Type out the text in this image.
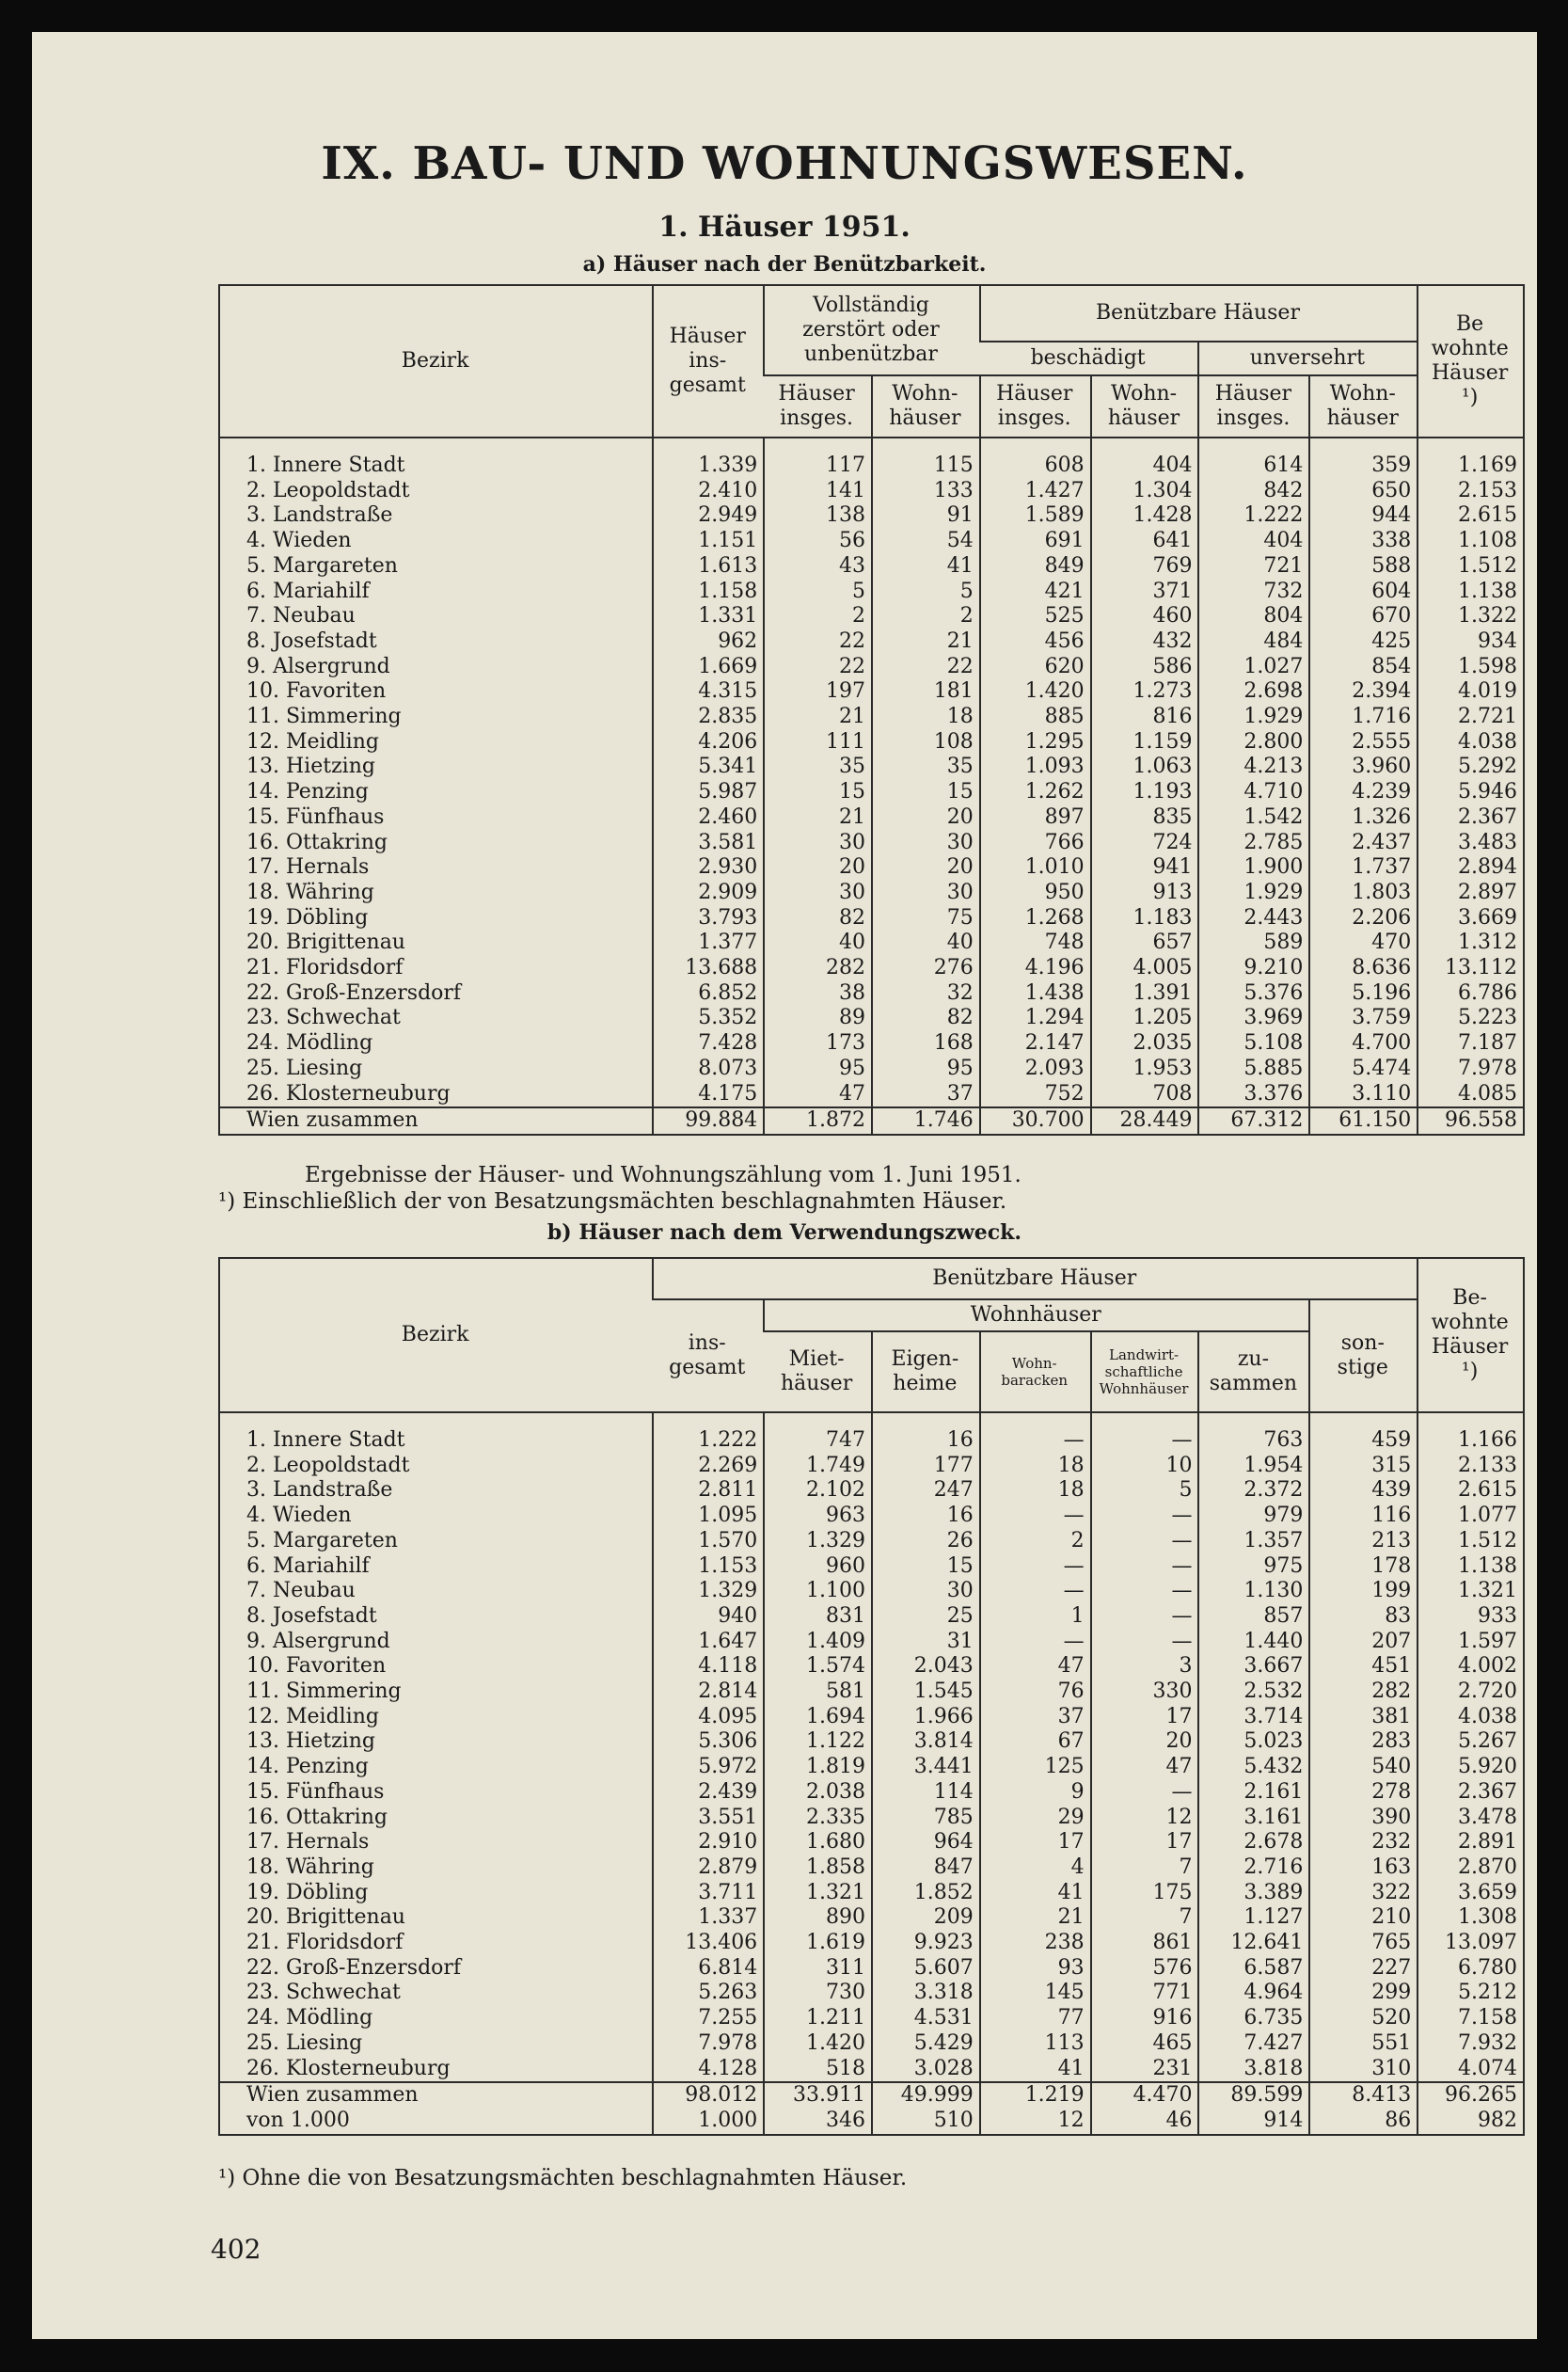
IX. BAU- UND WOHNUNGSWESEN.
1. Häuser 1951.
a) Häuser nach der Benützbarkeit.
Bezirk	Häuser ins- gesamt	Vollständig zerstört oder unbenützbar		Benützbare Häuser				Be wohnte Häuser ¹)
				beschädigt		unversehrt		
		Häuser insges.	Wohn- häuser	Häuser insges.	Wohn- häuser	Häuser insges.	Wohn- häuser	

1. Innere Stadt	1.339	117	115	608	404	614	359	1.169
2. Leopoldstadt	2.410	141	133	1.427	1.304	842	650	2.153
3. Landstraße	2.949	138	91	1.589	1.428	1.222	944	2.615
4. Wieden	1.151	56	54	691	641	404	338	1.108
5. Margareten	1.613	43	41	849	769	721	588	1.512
6. Mariahilf	1.158	5	5	421	371	732	604	1.138
7. Neubau	1.331	2	2	525	460	804	670	1.322
8. Josefstadt	962	22	21	456	432	484	425	934
9. Alsergrund	1.669	22	22	620	586	1.027	854	1.598
10. Favoriten	4.315	197	181	1.420	1.273	2.698	2.394	4.019
11. Simmering	2.835	21	18	885	816	1.929	1.716	2.721
12. Meidling	4.206	111	108	1.295	1.159	2.800	2.555	4.038
13. Hietzing	5.341	35	35	1.093	1.063	4.213	3.960	5.292
14. Penzing	5.987	15	15	1.262	1.193	4.710	4.239	5.946
15. Fünfhaus	2.460	21	20	897	835	1.542	1.326	2.367
16. Ottakring	3.581	30	30	766	724	2.785	2.437	3.483
17. Hernals	2.930	20	20	1.010	941	1.900	1.737	2.894
18. Währing	2.909	30	30	950	913	1.929	1.803	2.897
19. Döbling	3.793	82	75	1.268	1.183	2.443	2.206	3.669
20. Brigittenau	1.377	40	40	748	657	589	470	1.312
21. Floridsdorf	13.688	282	276	4.196	4.005	9.210	8.636	13.112
22. Groß-Enzersdorf	6.852	38	32	1.438	1.391	5.376	5.196	6.786
23. Schwechat	5.352	89	82	1.294	1.205	3.969	3.759	5.223
24. Mödling	7.428	173	168	2.147	2.035	5.108	4.700	7.187
25. Liesing	8.073	95	95	2.093	1.953	5.885	5.474	7.978
26. Klosterneuburg	4.175	47	37	752	708	3.376	3.110	4.085
Wien zusammen	99.884	1.872	1.746	30.700	28.449	67.312	61.150	96.558
Ergebnisse der Häuser- und Wohnungszählung vom 1. Juni 1951.
¹) Einschließlich der von Besatzungsmächten beschlagnahmten Häuser.
b) Häuser nach dem Verwendungszweck.
Bezirk	Benützbare Häuser							Be- wohnte Häuser ¹)
	ins- gesamt	Wohnhäuser					son- stige	
		Miet- häuser	Eigen- heime	Wohn- baracken	Landwirt- schaftliche Wohnhäuser	zu- sammen		

1. Innere Stadt	1.222	747	16	—	—	763	459	1.166
2. Leopoldstadt	2.269	1.749	177	18	10	1.954	315	2.133
3. Landstraße	2.811	2.102	247	18	5	2.372	439	2.615
4. Wieden	1.095	963	16	—	—	979	116	1.077
5. Margareten	1.570	1.329	26	2	—	1.357	213	1.512
6. Mariahilf	1.153	960	15	—	—	975	178	1.138
7. Neubau	1.329	1.100	30	—	—	1.130	199	1.321
8. Josefstadt	940	831	25	1	—	857	83	933
9. Alsergrund	1.647	1.409	31	—	—	1.440	207	1.597
10. Favoriten	4.118	1.574	2.043	47	3	3.667	451	4.002
11. Simmering	2.814	581	1.545	76	330	2.532	282	2.720
12. Meidling	4.095	1.694	1.966	37	17	3.714	381	4.038
13. Hietzing	5.306	1.122	3.814	67	20	5.023	283	5.267
14. Penzing	5.972	1.819	3.441	125	47	5.432	540	5.920
15. Fünfhaus	2.439	2.038	114	9	—	2.161	278	2.367
16. Ottakring	3.551	2.335	785	29	12	3.161	390	3.478
17. Hernals	2.910	1.680	964	17	17	2.678	232	2.891
18. Währing	2.879	1.858	847	4	7	2.716	163	2.870
19. Döbling	3.711	1.321	1.852	41	175	3.389	322	3.659
20. Brigittenau	1.337	890	209	21	7	1.127	210	1.308
21. Floridsdorf	13.406	1.619	9.923	238	861	12.641	765	13.097
22. Groß-Enzersdorf	6.814	311	5.607	93	576	6.587	227	6.780
23. Schwechat	5.263	730	3.318	145	771	4.964	299	5.212
24. Mödling	7.255	1.211	4.531	77	916	6.735	520	7.158
25. Liesing	7.978	1.420	5.429	113	465	7.427	551	7.932
26. Klosterneuburg	4.128	518	3.028	41	231	3.818	310	4.074
Wien zusammen	98.012	33.911	49.999	1.219	4.470	89.599	8.413	96.265
von 1.000	1.000	346	510	12	46	914	86	982
¹) Ohne die von Besatzungsmächten beschlagnahmten Häuser.
402
